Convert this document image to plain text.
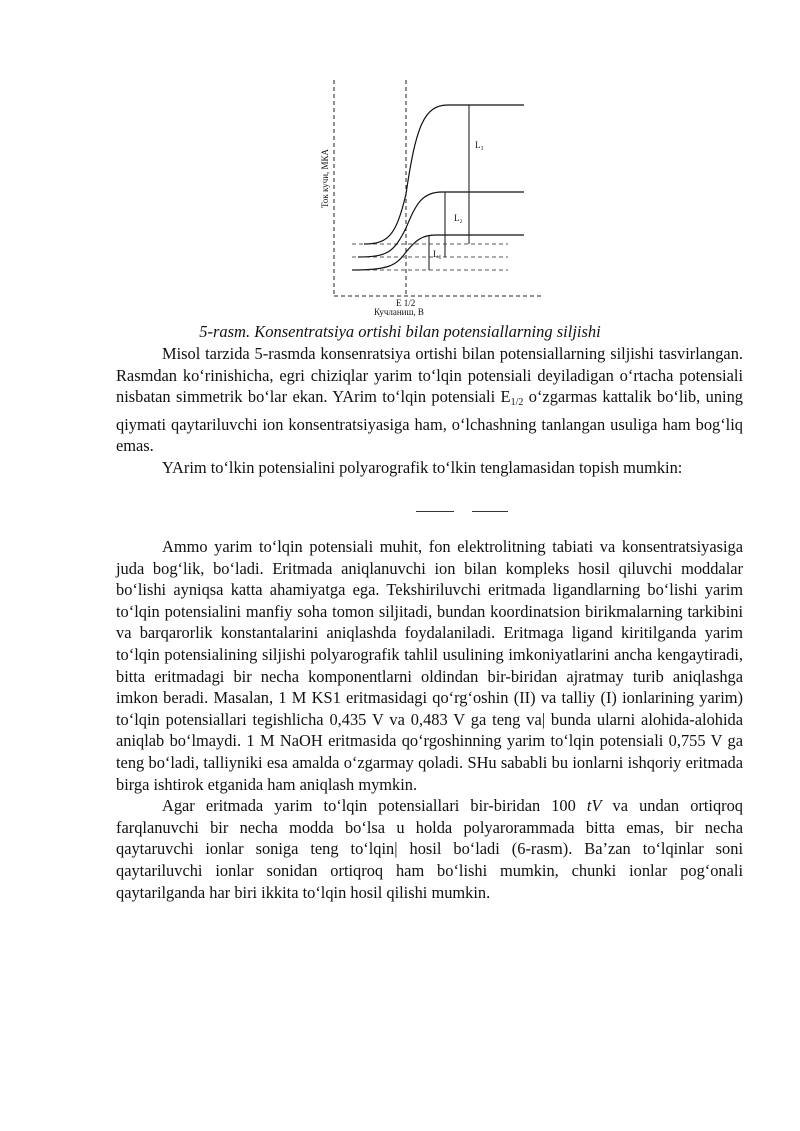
L₃
L₂
L₁
E 1/2
Кучланиш, В
Ток кучи, МКА
5-rasm. Konsentratsiya ortishi bilan potensiallarning siljishi

Misol tarzida 5-rasmda konsenratsiya ortishi bilan potensiallarning siljishi tasvirlangan. Rasmdan ko‘rinishicha, egri chiziqlar yarim to‘lqin potensiali deyiladigan o‘rtacha potensiali nisbatan simmetrik bo‘lar ekan. YArim to‘lqin potensiali $E_{1/2}$ o‘zgarmas kattalik bo‘lib, uning qiymati qaytariluvchi ion konsentratsiyasiga ham, o‘lchashning tanlangan usuliga ham bog‘liq emas.

YArim to‘lkin potensialini polyarografik to‘lkin tenglamasidan topish mumkin:

Ammo yarim to‘lqin potensiali muhit, fon elektrolitning tabiati va konsentratsiyasiga juda bog‘lik, bo‘ladi. Eritmada aniqlanuvchi ion bilan kompleks hosil qiluvchi moddalar bo‘lishi ayniqsa katta ahamiyatga ega. Tekshiriluvchi eritmada ligandlarning bo‘lishi yarim to‘lqin potensialini manfiy soha tomon siljitadi, bundan koordinatsion birikmalarning tarkibini va barqarorlik konstantalarini aniqlashda foydalaniladi. Eritmaga ligand kiritilganda yarim to‘lqin potensialining siljishi polyarografik tahlil usulining imkoniyatlarini ancha kengaytiradi, bitta eritmadagi bir necha komponentlarni oldindan bir-biridan ajratmay turib aniqlashga imkon beradi. Masalan, 1 M KS1 eritmasidagi qo‘rg‘oshin (II) va talliy (I) ionlarining yarim) to‘lqin potensiallari tegishlicha 0,435 V va 0,483 V ga teng va| bunda ularni alohida-alohida aniqlab bo‘lmaydi. 1 M NaOH eritmasida qo‘rgoshinning yarim to‘lqin potensiali 0,755 V ga teng bo‘ladi, talliyniki esa amalda o‘zgarmay qoladi. SHu sababli bu ionlarni ishqoriy eritmada birga ishtirok etganida ham aniqlash mymkin.

Agar eritmada yarim to‘lqin potensiallari bir-biridan 100 tV va undan ortiqroq farqlanuvchi bir necha modda bo‘lsa u holda polyarorammada bitta emas, bir necha qaytaruvchi ionlar soniga teng to‘lqin| hosil bo‘ladi (6-rasm). Ba’zan to‘lqinlar soni qaytariluvchi ionlar sonidan ortiqroq ham bo‘lishi mumkin, chunki ionlar pog‘onali qaytarilganda har biri ikkita to‘lqin hosil qilishi mumkin.
